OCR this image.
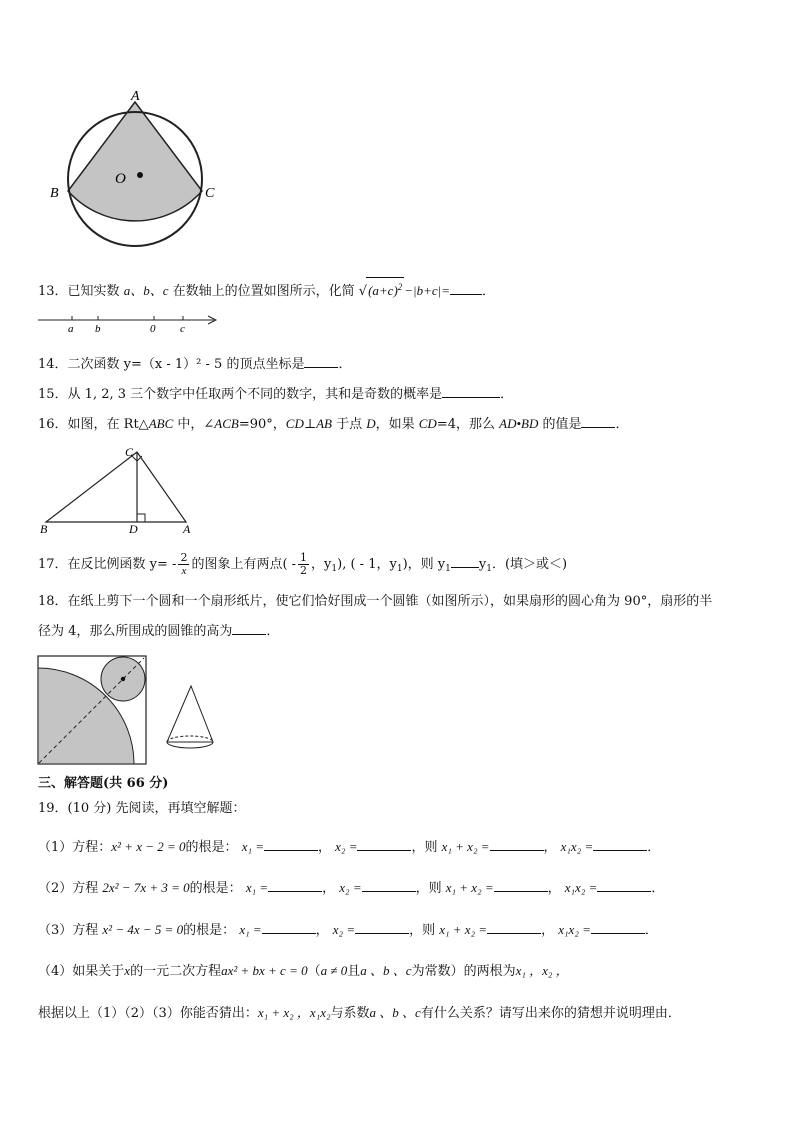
A
B	C
O
13．已知实数 a、b、c 在数轴上的位置如图所示，化简 $√(a+c)^2 -|b+c|=$ ．
a b	0 c
14．二次函数 y=（x - 1）² - 5 的顶点坐标是	．
15．从 1, 2, 3 三个数字中任取两个不同的数字，其和是奇数的概率是	．
16．如图，在 Rt△ABC 中，∠ACB=90°，CD⊥AB 于点 D，如果 CD=4，那么 AD•BD 的值是	．
C
B	D	A
17．在反比例函数 $y= - \frac{2}{x}$ 的图象上有两点( - $\frac{1}{2}$ ，$y_1$), ( - 1，$y_1$)，则 $y_1$ $y_1$．(填＞或＜)
18．在纸上剪下一个圆和一个扇形纸片，使它们恰好围成一个圆锥（如图所示），如果扇形的圆心角为 90°，扇形的半
径为 4，那么所围成的圆锥的高为	．
三、解答题(共 66 分)
19．(10 分) 先阅读，再填空解题：
（1）方程：x² + x − 2 = 0的根是： x₁ =	， x₂ =	，则 x₁ + x₂ =	， x₁x₂ =	．
（2）方程 2x² − 7x + 3 = 0的根是： x₁ =	， x₂ =	，则 x₁ + x₂ =	， x₁x₂ =	．
（3）方程 x² − 4x − 5 = 0的根是： x₁ =	， x₂ =	，则 x₁ + x₂ =	， x₁x₂ =	．
（4）如果关于x的一元二次方程ax² + bx + c = 0（a ≠ 0且a 、b 、c为常数）的两根为x₁ ，x₂ ，
根据以上（1）（2）（3）你能否猜出：x₁ + x₂ ，x₁x₂与系数a 、b 、c有什么关系？请写出来你的猜想并说明理由．
